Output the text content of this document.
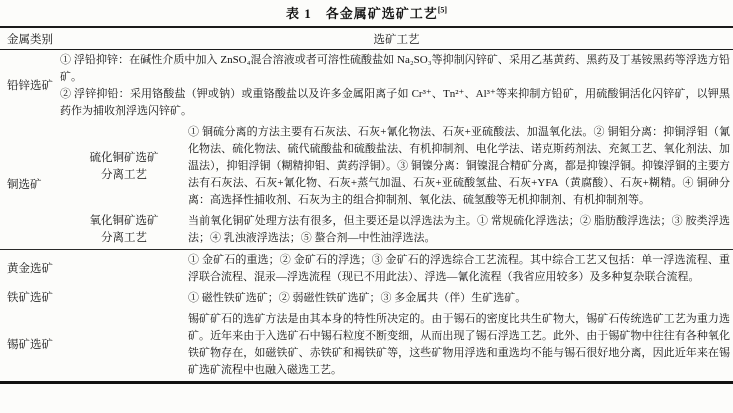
表 1　各金属矿选矿工艺[5]
金属类别	选矿工艺
铅锌选矿

① 浮铅抑锌：在碱性介质中加入 ZnSO₄混合溶液或者可溶性硫酸盐如 Na₂SO₃等抑制闪锌矿、采用乙基黄药、黑药及丁基铵黑药等浮选方铅矿。

② 浮锌抑铅：采用铬酸盐（钾或钠）或重铬酸盐以及许多金属阳离子如 Cr³⁺、Tn²⁺、Al³⁺等来抑制方铅矿，用硫酸铜活化闪锌矿，以钾黑药作为捕收剂浮选闪锌矿。

铜选矿
硫化铜矿选矿
分离工艺
① 铜硫分离的方法主要有石灰法、石灰+氰化物法、石灰+亚硫酸法、加温氧化法。② 铜钼分离：抑铜浮钼（氰化物法、硫化物法、硫代硫酸盐和硫酸盐法、有机抑制剂、电化学法、诺克斯药剂法、充氮工艺、氧化剂法、加温法），抑钼浮铜（糊精抑钼、黄药浮铜）。③ 铜镍分离：铜镍混合精矿分离，都是抑镍浮铜。抑镍浮铜的主要方法有石灰法、石灰+氰化物、石灰+蒸气加温、石灰+亚硫酸氢盐、石灰+YFA（黄腐酸）、石灰+糊精。④ 铜砷分离：高选择性捕收剂、石灰为主的组合抑制剂、氧化法、硫氢酸等无机抑制剂、有机抑制剂等。
氧化铜矿选矿
分离工艺
当前氧化铜矿处理方法有很多，但主要还是以浮选法为主。① 常规硫化浮选法；② 脂肪酸浮选法；③ 胺类浮选法；④ 乳浊液浮选法；⑤ 螯合剂—中性油浮选法。
黄金选矿
① 金矿石的重选；② 金矿石的浮选；③ 金矿石的浮选综合工艺流程。其中综合工艺又包括：单一浮选流程、重浮联合流程、混汞—浮选流程（现已不用此法）、浮选—氰化流程（我省应用较多）及多种复杂联合流程。
铁矿选矿	① 磁性铁矿选矿；② 弱磁性铁矿选矿；③ 多金属共（伴）生矿选矿。
锡矿选矿
锡矿矿石的选矿方法是由其本身的特性所决定的。由于锡石的密度比共生矿物大，锡矿石传统选矿工艺为重力选矿。近年来由于入选矿石中锡石粒度不断变细，从而出现了锡石浮选工艺。此外、由于锡矿物中往往有各种氧化铁矿物存在，如磁铁矿、赤铁矿和褐铁矿等，这些矿物用浮选和重选均不能与锡石很好地分离，因此近年来在锡矿选矿流程中也融入磁选工艺。
